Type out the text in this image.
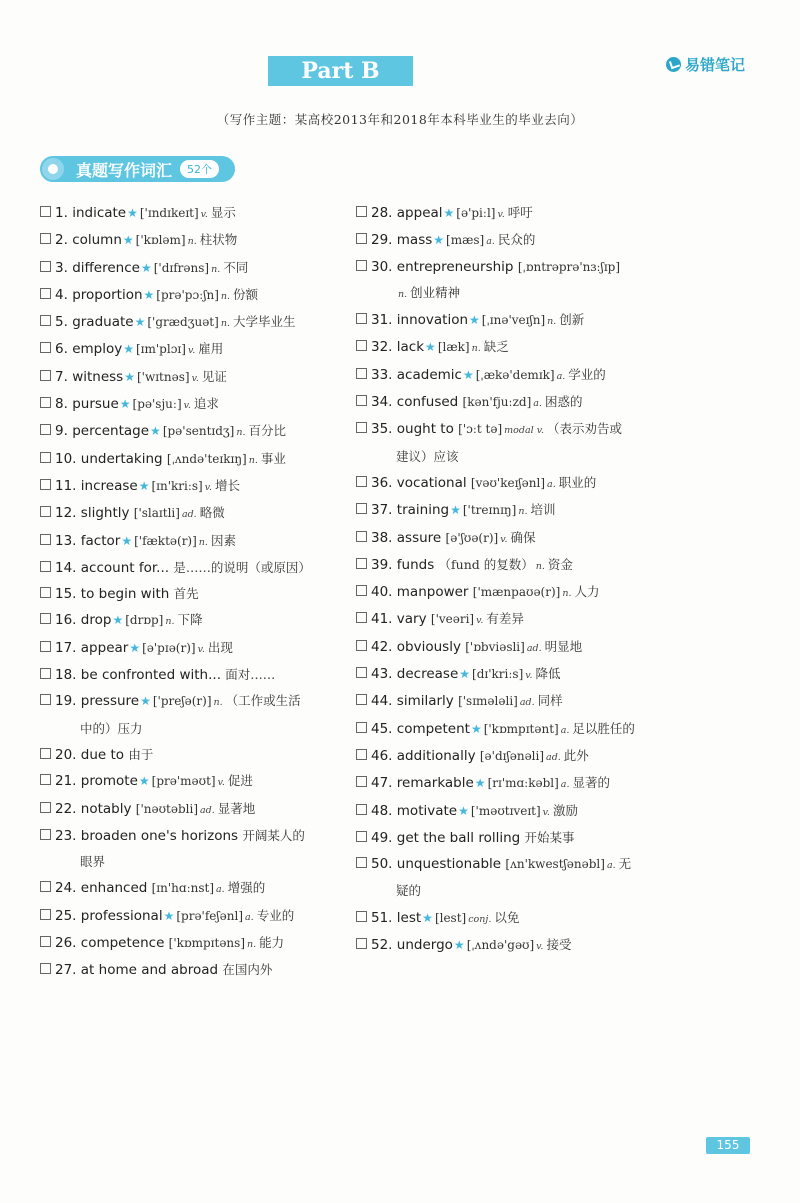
Part B	易错笔记
（写作主题：某高校2013年和2018年本科毕业生的毕业去向）
真题写作词汇	52个
1. indicate★ ['ɪndɪkeɪt] v. 显示
2. column★ ['kɒləm] n. 柱状物
3. difference★ ['dɪfrəns] n. 不同
4. proportion★ [prə'pɔːʃn] n. 份额
5. graduate★ ['grædʒuət] n. 大学毕业生
6. employ★ [ɪm'plɔɪ] v. 雇用
7. witness★ ['wɪtnəs] v. 见证
8. pursue★ [pə'sjuː] v. 追求
9. percentage★ [pə'sentɪdʒ] n. 百分比
10. undertaking [ˌʌndə'teɪkɪŋ] n. 事业
11. increase★ [ɪn'kriːs] v. 增长
12. slightly ['slaɪtli] ad. 略微
13. factor★ ['fæktə(r)] n. 因素
14. account for... 是……的说明（或原因）
15. to begin with 首先
16. drop★ [drɒp] n. 下降
17. appear★ [ə'pɪə(r)] v. 出现
18. be confronted with... 面对……
19. pressure★ ['preʃə(r)] n. （工作或生活
中的）压力
20. due to 由于
21. promote★ [prə'məʊt] v. 促进
22. notably ['nəʊtəbli] ad. 显著地
23. broaden one's horizons 开阔某人的
眼界
24. enhanced [ɪn'hɑːnst] a. 增强的
25. professional★ [prə'feʃənl] a. 专业的
26. competence ['kɒmpɪtəns] n. 能力
27. at home and abroad 在国内外
28. appeal★ [ə'piːl] v. 呼吁
29. mass★ [mæs] a. 民众的
30. entrepreneurship [ˌɒntrəprə'nɜːʃɪp]
n. 创业精神
31. innovation★ [ˌɪnə'veɪʃn] n. 创新
32. lack★ [læk] n. 缺乏
33. academic★ [ˌækə'demɪk] a. 学业的
34. confused [kən'fjuːzd] a. 困惑的
35. ought to ['ɔːt tə] modal v. （表示劝告或
建议）应该
36. vocational [vəʊ'keɪʃənl] a. 职业的
37. training★ ['treɪnɪŋ] n. 培训
38. assure [ə'ʃʊə(r)] v. 确保
39. funds （fund 的复数） n. 资金
40. manpower ['mænpaʊə(r)] n. 人力
41. vary ['veəri] v. 有差异
42. obviously ['ɒbviəsli] ad. 明显地
43. decrease★ [dɪ'kriːs] v. 降低
44. similarly ['sɪmələli] ad. 同样
45. competent★ ['kɒmpɪtənt] a. 足以胜任的
46. additionally [ə'dɪʃənəli] ad. 此外
47. remarkable★ [rɪ'mɑːkəbl] a. 显著的
48. motivate★ ['məʊtɪveɪt] v. 激励
49. get the ball rolling 开始某事
50. unquestionable [ʌn'kwestʃənəbl] a. 无
疑的
51. lest★ [lest] conj. 以免
52. undergo★ [ˌʌndə'gəʊ] v. 接受
155
